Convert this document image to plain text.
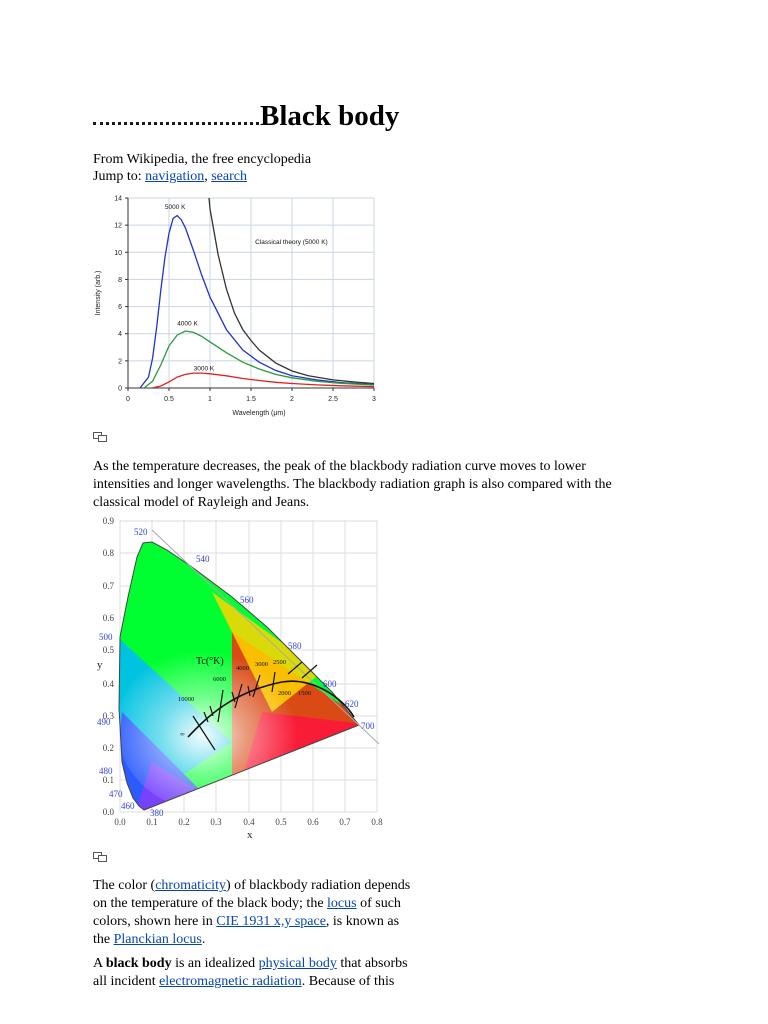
Black body
From Wikipedia, the free encyclopedia
Jump to: navigation, search
0	0.5	1	1.5	2	2.5	3
0
2
4
6
8
10
12
14
Wavelength (μm)
Intensity (arb.)
5000 K
4000 K
3000 K
Classical theory (5000 K)
As the temperature decreases, the peak of the blackbody radiation curve moves to lower
intensities and longer wavelengths. The blackbody radiation graph is also compared with the
classical model of Rayleigh and Jeans.
0.0
0.1
0.2
0.3
0.4
0.5
0.6
0.7
0.8
0.9
0.0 0.1 0.2 0.3 0.4 0.5 0.6 0.7 0.8
y
x
520
540
560
580
600
620
700
500
490
480
470
460
380
Tc(°K)
10000
6000
4000
3000 2500
2000 1500
∞
The color (chromaticity) of blackbody radiation depends
on the temperature of the black body; the locus of such
colors, shown here in CIE 1931 x,y space, is known as
the Planckian locus.
A black body is an idealized physical body that absorbs
all incident electromagnetic radiation. Because of this
